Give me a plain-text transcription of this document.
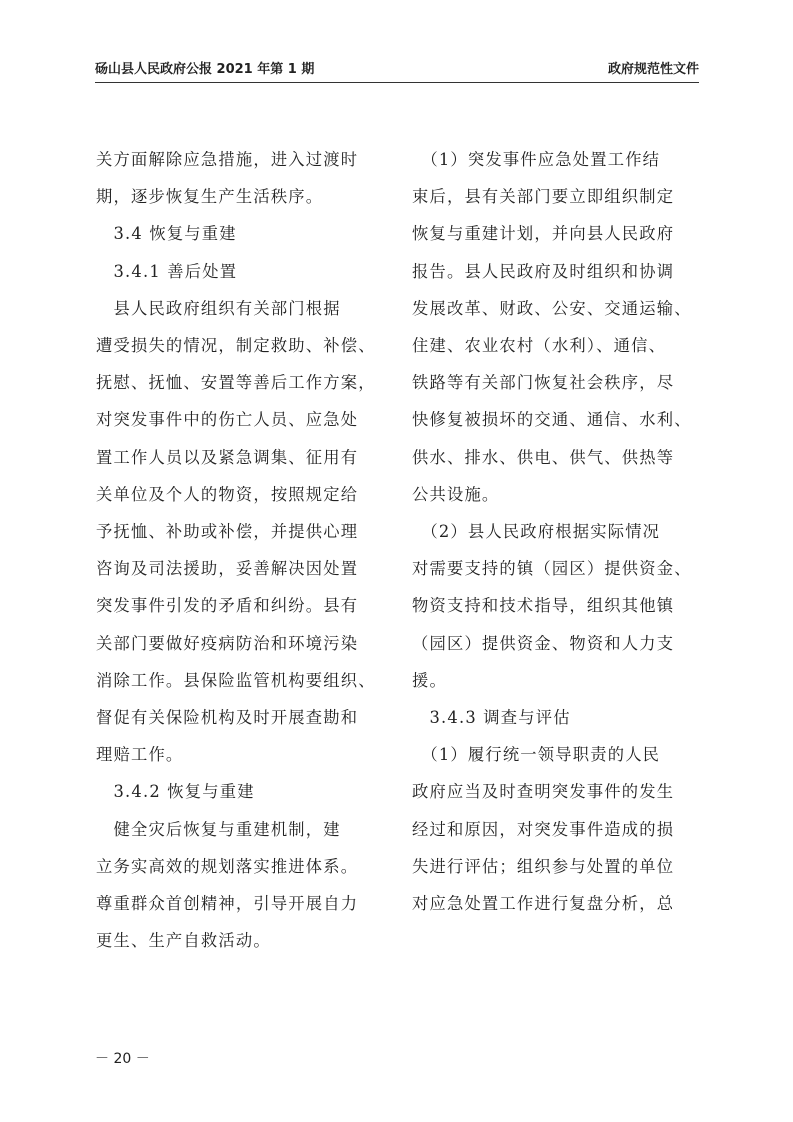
砀山县人民政府公报 2021 年第 1 期	政府规范性文件

关方面解除应急措施，进入过渡时

期，逐步恢复生产生活秩序。

　3.4 恢复与重建

　3.4.1 善后处置

　县人民政府组织有关部门根据

遭受损失的情况，制定救助、补偿、

抚慰、抚恤、安置等善后工作方案，

对突发事件中的伤亡人员、应急处

置工作人员以及紧急调集、征用有

关单位及个人的物资，按照规定给

予抚恤、补助或补偿，并提供心理

咨询及司法援助，妥善解决因处置

突发事件引发的矛盾和纠纷。县有

关部门要做好疫病防治和环境污染

消除工作。县保险监管机构要组织、

督促有关保险机构及时开展查勘和

理赔工作。

　3.4.2 恢复与重建

　健全灾后恢复与重建机制，建

立务实高效的规划落实推进体系。

尊重群众首创精神，引导开展自力

更生、生产自救活动。

　（1）突发事件应急处置工作结

束后，县有关部门要立即组织制定

恢复与重建计划，并向县人民政府

报告。县人民政府及时组织和协调

发展改革、财政、公安、交通运输、

住建、农业农村（水利）、通信、

铁路等有关部门恢复社会秩序，尽

快修复被损坏的交通、通信、水利、

供水、排水、供电、供气、供热等

公共设施。

　（2）县人民政府根据实际情况

对需要支持的镇（园区）提供资金、

物资支持和技术指导，组织其他镇

（园区）提供资金、物资和人力支

援。

　3.4.3 调查与评估

　（1）履行统一领导职责的人民

政府应当及时查明突发事件的发生

经过和原因，对突发事件造成的损

失进行评估；组织参与处置的单位

对应急处置工作进行复盘分析，总

－ 20 －
